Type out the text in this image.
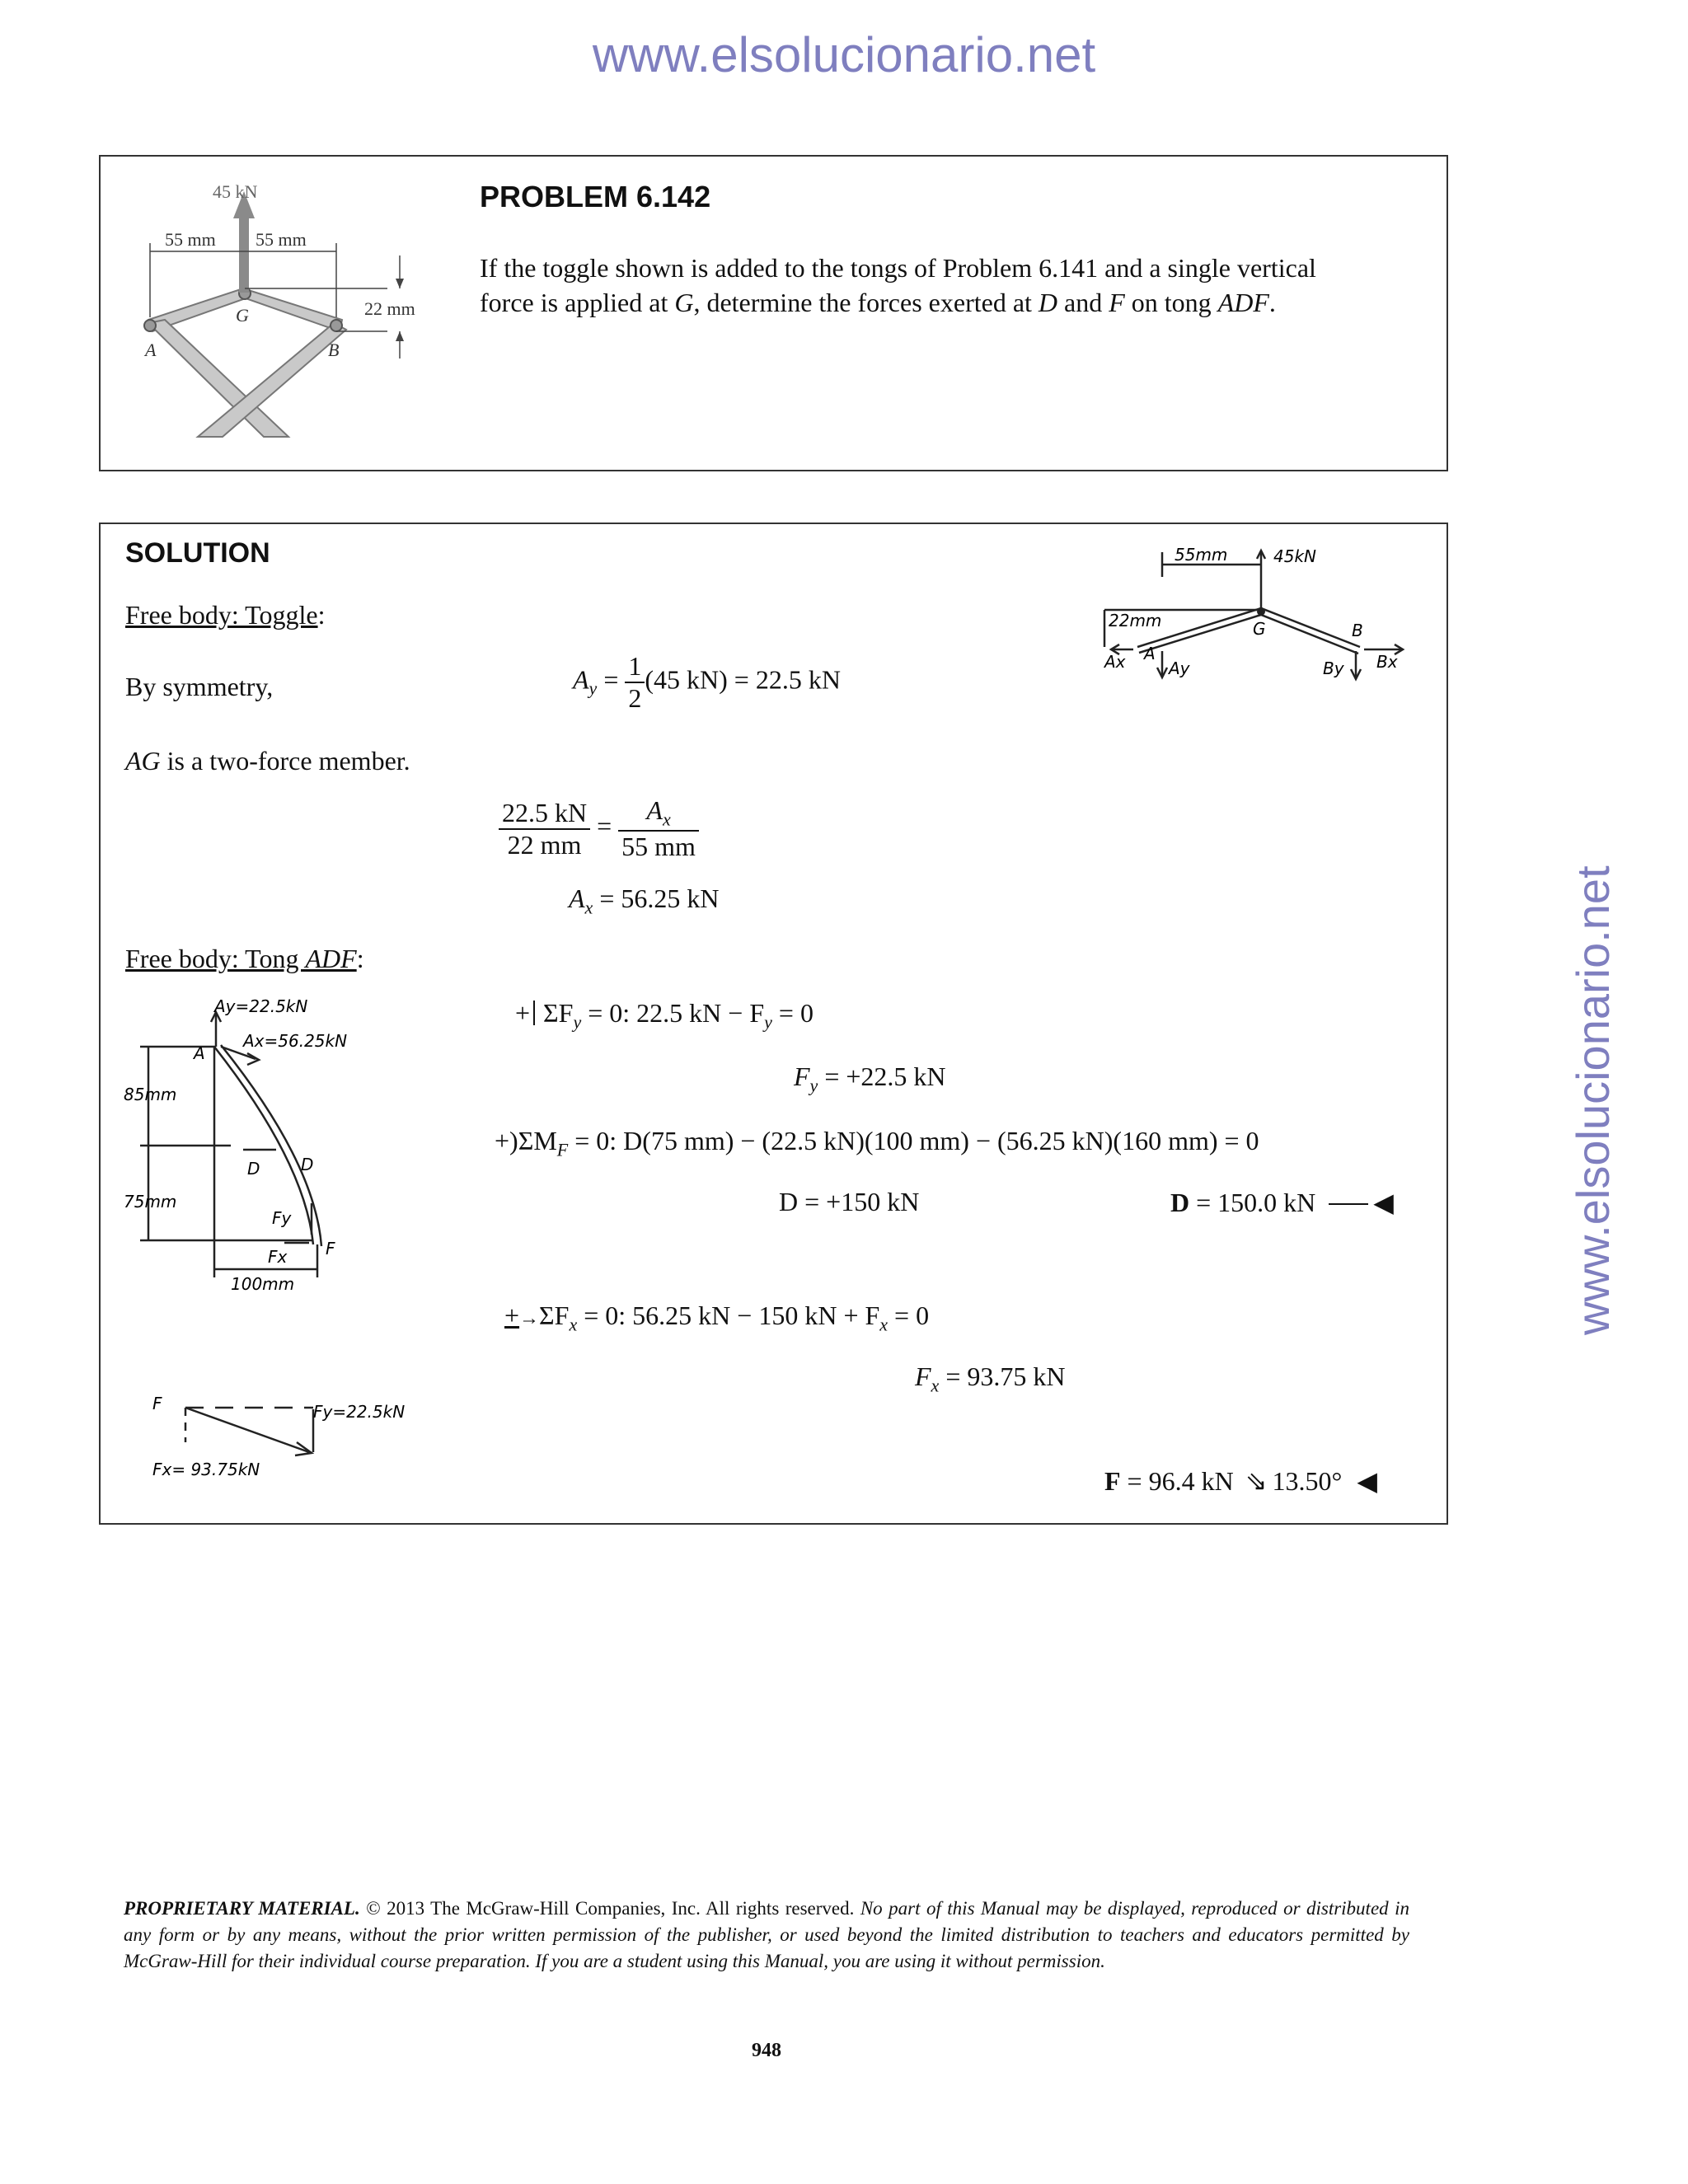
www.elsolucionario.net
www.elsolucionario.net
45 kN
55 mm 55 mm
22 mm
G
A	B
PROBLEM 6.142
If the toggle shown is added to the tongs of Problem 6.141 and a single vertical
force is applied at G, determine the forces exerted at D and F on tong ADF.
SOLUTION
Free body: Toggle:
By symmetry,	$A_y = \frac{1}{2} (45$ kN) = 22.5 kN
AG is a two-force member.
$\frac{22.5 kN}{22 mm} = \frac{A_x}{55 mm}$
$A_x = 56.25$ kN
Free body: Tong ADF:
+ $\Sigma F_y = 0$: 22.5 kN − $F_y = 0$
$F_y = +22.5$ kN
$+)\Sigma M_F = 0$: D(75 mm) − (22.5 kN)(100 mm) − (56.25 kN)(160 mm) = 0
D = +150 kN	D = 150.0 kN ◀
$+\to\Sigma F_x = 0$: 56.25 kN − 150 kN + $F_x = 0$
$F_x = 93.75$ kN
F = 96.4 kN ⇘ 13.50° ◀
55mm	45kN
22mm	G	B
Ax A
Ay	By Bx
Ay=22.5kN
Ax=56.25kN
A
85mm
D
D
75mm
Fy
F
Fx
100mm
F	Fy=22.5kN
Fx= 93.75kN
PROPRIETARY MATERIAL. © 2013 The McGraw-Hill Companies, Inc. All rights reserved. No part of this Manual may be displayed, reproduced or distributed in any form or by any means, without the prior written permission of the publisher, or used beyond the limited distribution to teachers and educators permitted by McGraw-Hill for their individual course preparation. If you are a student using this Manual, you are using it without permission.
948
